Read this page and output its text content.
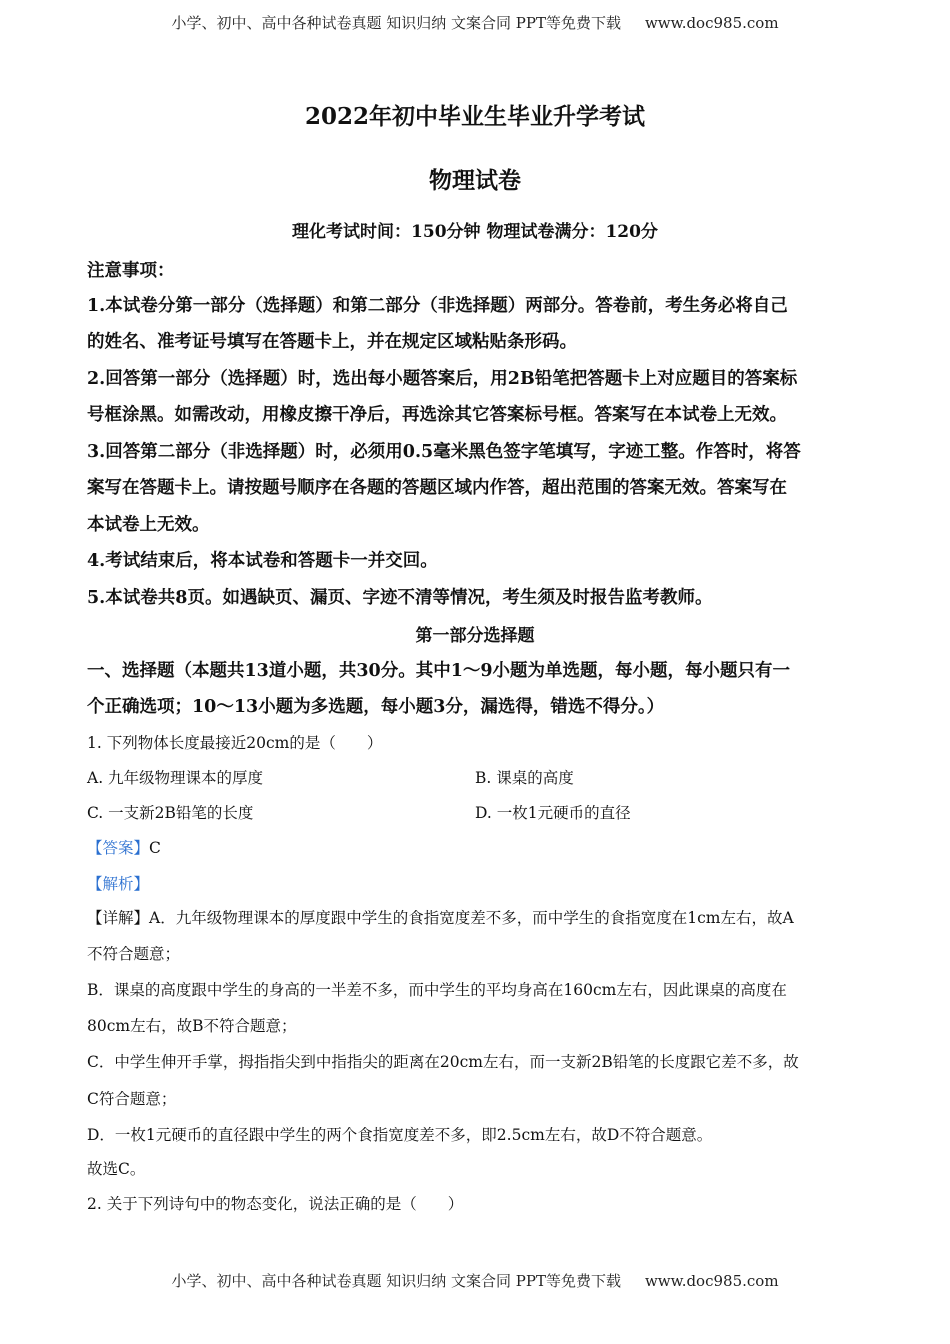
小学、初中、高中各种试卷真题 知识归纳 文案合同 PPT等免费下载 www.doc985.com
2022年初中毕业生毕业升学考试
物理试卷
理化考试时间：150分钟 物理试卷满分：120分
注意事项：
1.本试卷分第一部分（选择题）和第二部分（非选择题）两部分。答卷前，考生务必将自己
的姓名、准考证号填写在答题卡上，并在规定区域粘贴条形码。
2.回答第一部分（选择题）时，选出每小题答案后，用2B铅笔把答题卡上对应题目的答案标
号框涂黑。如需改动，用橡皮擦干净后，再选涂其它答案标号框。答案写在本试卷上无效。
3.回答第二部分（非选择题）时，必须用0.5毫米黑色签字笔填写，字迹工整。作答时，将答
案写在答题卡上。请按题号顺序在各题的答题区域内作答，超出范围的答案无效。答案写在
本试卷上无效。
4.考试结束后，将本试卷和答题卡一并交回。
5.本试卷共8页。如遇缺页、漏页、字迹不清等情况，考生须及时报告监考教师。
第一部分选择题
一、选择题（本题共13道小题，共30分。其中1～9小题为单选题，每小题，每小题只有一
个正确选项；10～13小题为多选题，每小题3分，漏选得，错选不得分。）
1. 下列物体长度最接近20cm的是（　　）
A. 九年级物理课本的厚度	B. 课桌的高度
C. 一支新2B铅笔的长度	D. 一枚1元硬币的直径
【答案】C
【解析】
【详解】A．九年级物理课本的厚度跟中学生的食指宽度差不多，而中学生的食指宽度在1cm左右，故A
不符合题意；
B．课桌的高度跟中学生的身高的一半差不多，而中学生的平均身高在160cm左右，因此课桌的高度在
80cm左右，故B不符合题意；
C．中学生伸开手掌，拇指指尖到中指指尖的距离在20cm左右，而一支新2B铅笔的长度跟它差不多，故
C符合题意；
D．一枚1元硬币的直径跟中学生的两个食指宽度差不多，即2.5cm左右，故D不符合题意。
故选C。
2. 关于下列诗句中的物态变化，说法正确的是（　　）
小学、初中、高中各种试卷真题 知识归纳 文案合同 PPT等免费下载 www.doc985.com
